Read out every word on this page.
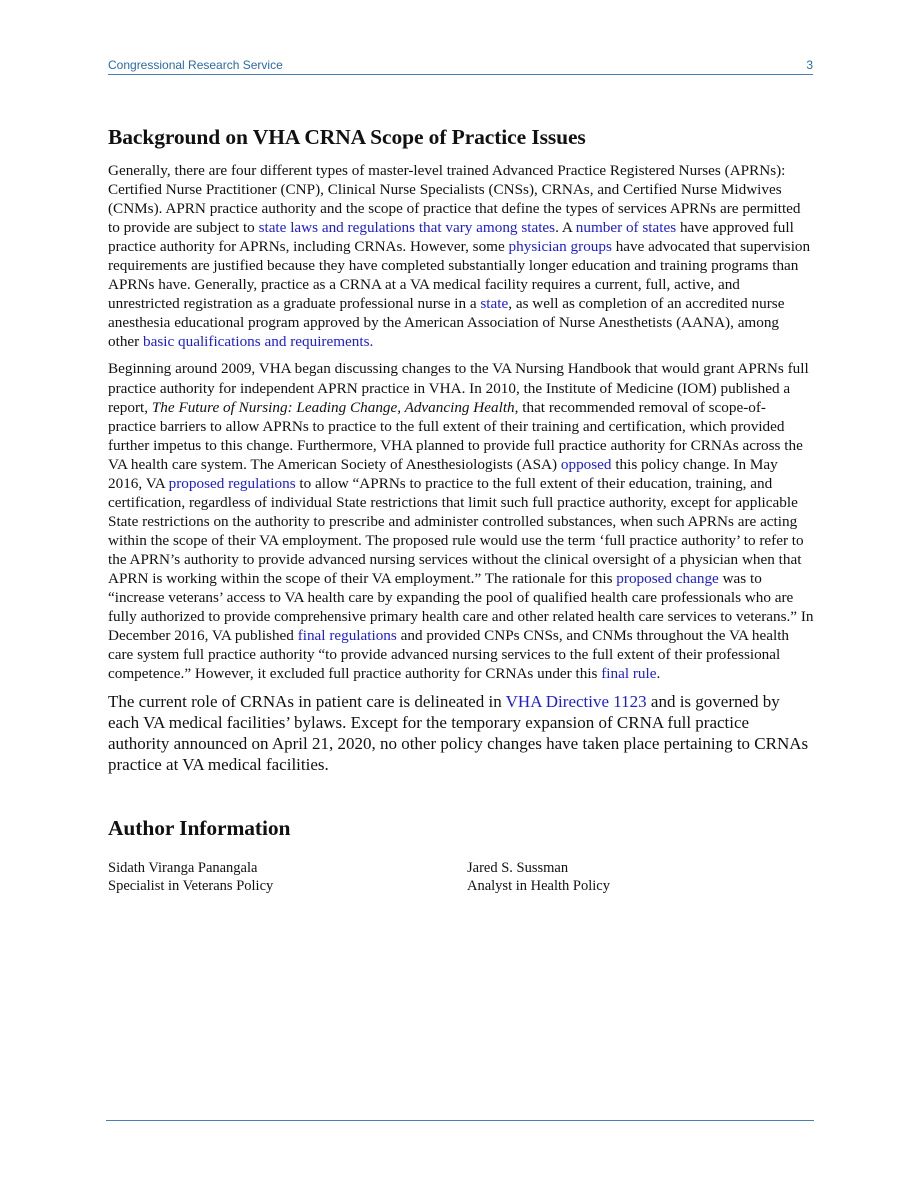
Congressional Research Service	3
Background on VHA CRNA Scope of Practice Issues

Generally, there are four different types of master-level trained Advanced Practice Registered Nurses (APRNs): Certified Nurse Practitioner (CNP), Clinical Nurse Specialists (CNSs), CRNAs, and Certified Nurse Midwives (CNMs). APRN practice authority and the scope of practice that define the types of services APRNs are permitted to provide are subject to state laws and regulations that vary among states. A number of states have approved full practice authority for APRNs, including CRNAs. However, some physician groups have advocated that supervision requirements are justified because they have completed substantially longer education and training programs than APRNs have. Generally, practice as a CRNA at a VA medical facility requires a current, full, active, and unrestricted registration as a graduate professional nurse in a state, as well as completion of an accredited nurse anesthesia educational program approved by the American Association of Nurse Anesthetists (AANA), among other basic qualifications and requirements.

Beginning around 2009, VHA began discussing changes to the VA Nursing Handbook that would grant APRNs full practice authority for independent APRN practice in VHA. In 2010, the Institute of Medicine (IOM) published a report, The Future of Nursing: Leading Change, Advancing Health, that recommended removal of scope-of-practice barriers to allow APRNs to practice to the full extent of their training and certification, which provided further impetus to this change. Furthermore, VHA planned to provide full practice authority for CRNAs across the VA health care system. The American Society of Anesthesiologists (ASA) opposed this policy change. In May 2016, VA proposed regulations to allow “APRNs to practice to the full extent of their education, training, and certification, regardless of individual State restrictions that limit such full practice authority, except for applicable State restrictions on the authority to prescribe and administer controlled substances, when such APRNs are acting within the scope of their VA employment. The proposed rule would use the term ‘full practice authority’ to refer to the APRN’s authority to provide advanced nursing services without the clinical oversight of a physician when that APRN is working within the scope of their VA employment.” The rationale for this proposed change was to “increase veterans’ access to VA health care by expanding the pool of qualified health care professionals who are fully authorized to provide comprehensive primary health care and other related health care services to veterans.” In December 2016, VA published final regulations and provided CNPs CNSs, and CNMs throughout the VA health care system full practice authority “to provide advanced nursing services to the full extent of their professional competence.” However, it excluded full practice authority for CRNAs under this final rule.

The current role of CRNAs in patient care is delineated in VHA Directive 1123 and is governed by each VA medical facilities’ bylaws. Except for the temporary expansion of CRNA full practice authority announced on April 21, 2020, no other policy changes have taken place pertaining to CRNAs practice at VA medical facilities.

Author Information
Sidath Viranga Panangala
Specialist in Veterans Policy
Jared S. Sussman
Analyst in Health Policy
